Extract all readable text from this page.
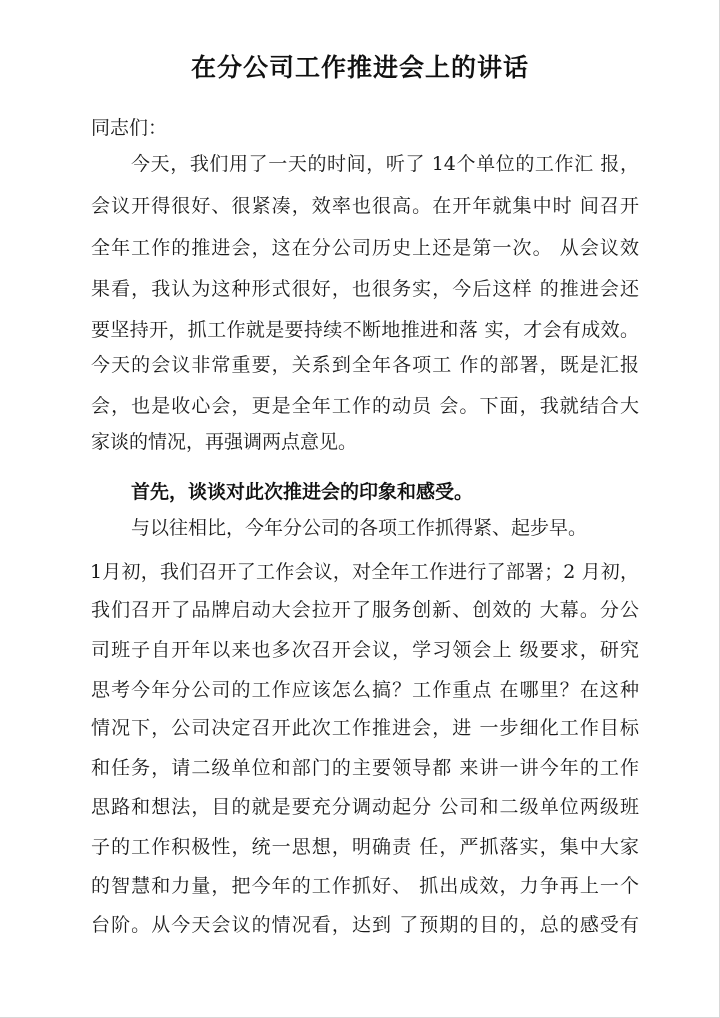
在分公司工作推进会上的讲话
同志们：
今天，我们用了一天的时间，听了 14个单位的工作汇 报，
会议开得很好、很紧凑，效率也很高。在开年就集中时 间召开
全年工作的推进会，这在分公司历史上还是第一次。 从会议效
果看，我认为这种形式很好，也很务实，今后这样 的推进会还
要坚持开，抓工作就是要持续不断地推进和落 实，才会有成效。
今天的会议非常重要，关系到全年各项工 作的部署，既是汇报
会，也是收心会，更是全年工作的动员 会。下面，我就结合大
家谈的情况，再强调两点意见。
首先，谈谈对此次推进会的印象和感受。
与以往相比，今年分公司的各项工作抓得紧、起步早。
1月初，我们召开了工作会议，对全年工作进行了部署；2 月初，
我们召开了品牌启动大会拉开了服务创新、创效的 大幕。分公
司班子自开年以来也多次召开会议，学习领会上 级要求，研究
思考今年分公司的工作应该怎么搞？工作重点 在哪里？在这种
情况下，公司决定召开此次工作推进会，进 一步细化工作目标
和任务，请二级单位和部门的主要领导都 来讲一讲今年的工作
思路和想法，目的就是要充分调动起分 公司和二级单位两级班
子的工作积极性，统一思想，明确责 任，严抓落实，集中大家
的智慧和力量，把今年的工作抓好、 抓出成效，力争再上一个
台阶。从今天会议的情况看，达到 了预期的目的，总的感受有
